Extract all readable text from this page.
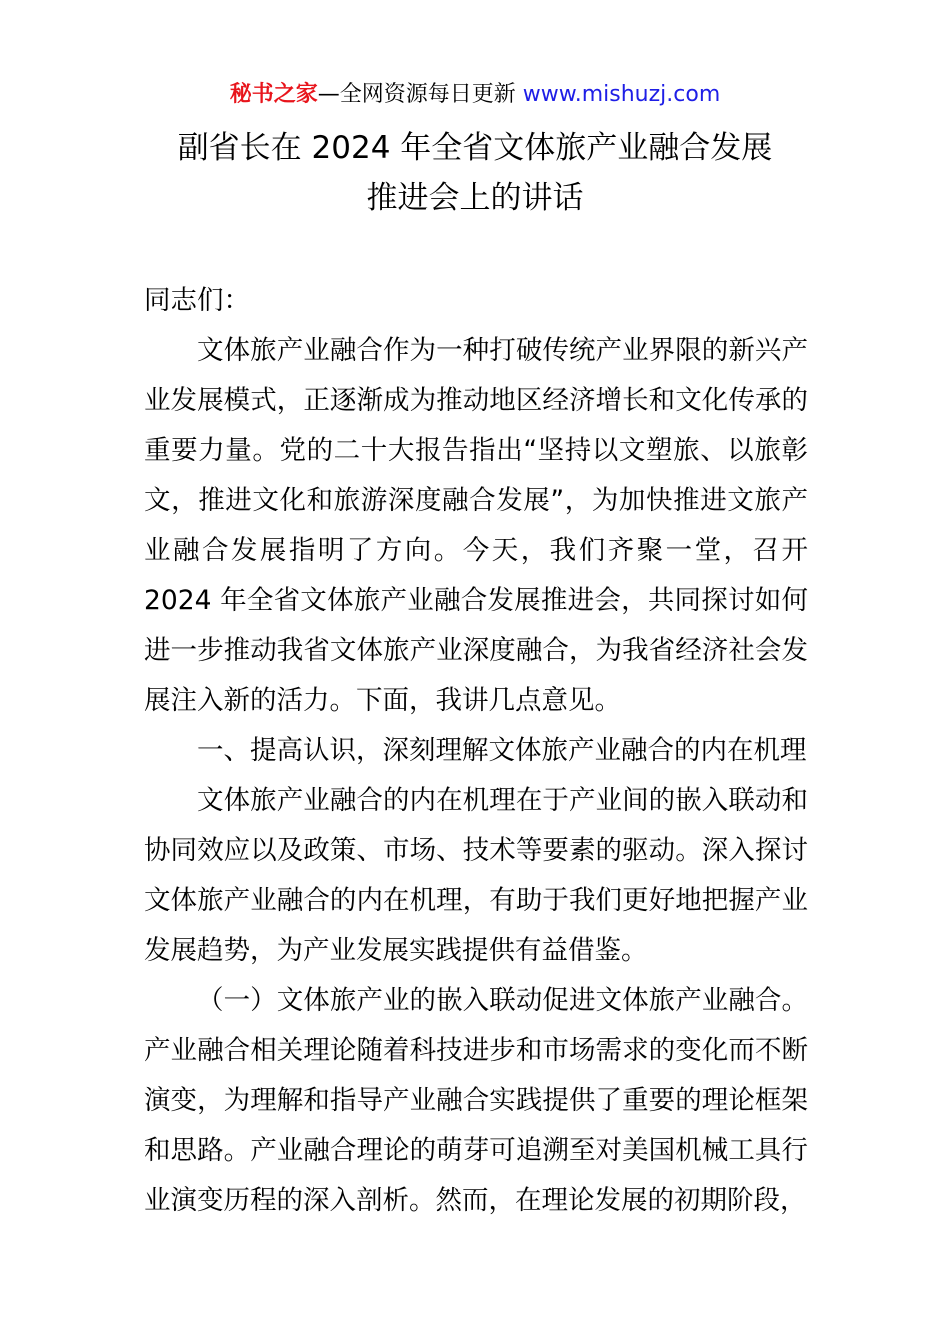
秘书之家—全网资源每日更新 www.mishuzj.com
副省长在 2024 年全省文体旅产业融合发展
推进会上的讲话

同志们：

文体旅产业融合作为一种打破传统产业界限的新兴产业发展模式，正逐渐成为推动地区经济增长和文化传承的重要力量。党的二十大报告指出“坚持以文塑旅、以旅彰文，推进文化和旅游深度融合发展”，为加快推进文旅产业融合发展指明了方向。今天，我们齐聚一堂，召开 2024 年全省文体旅产业融合发展推进会，共同探讨如何进一步推动我省文体旅产业深度融合，为我省经济社会发展注入新的活力。下面，我讲几点意见。

一、提高认识，深刻理解文体旅产业融合的内在机理

文体旅产业融合的内在机理在于产业间的嵌入联动和协同效应以及政策、市场、技术等要素的驱动。深入探讨文体旅产业融合的内在机理，有助于我们更好地把握产业发展趋势，为产业发展实践提供有益借鉴。

（一）文体旅产业的嵌入联动促进文体旅产业融合。产业融合相关理论随着科技进步和市场需求的变化而不断演变，为理解和指导产业融合实践提供了重要的理论框架和思路。产业融合理论的萌芽可追溯至对美国机械工具行业演变历程的深入剖析。然而，在理论发展的初期阶段，
